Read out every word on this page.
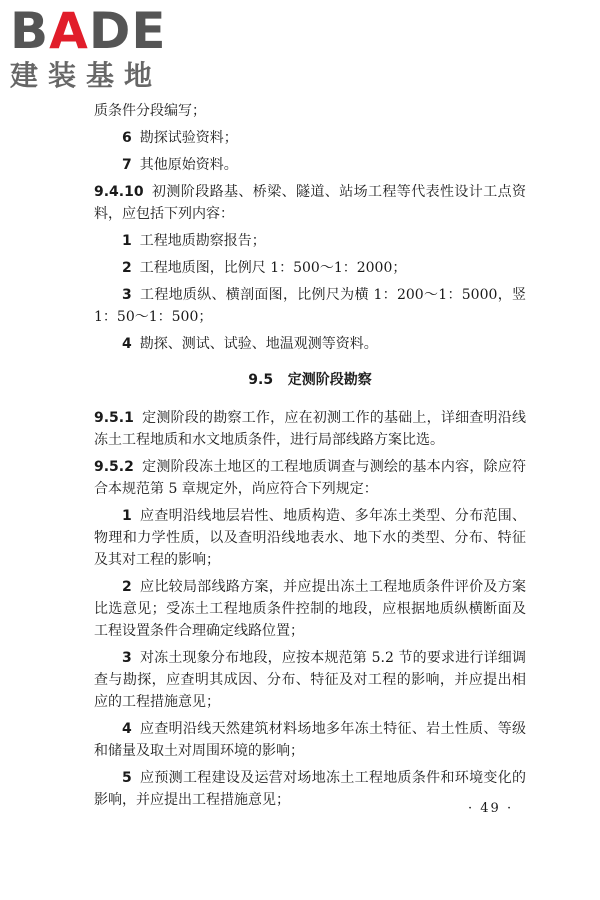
BADE
建装基地

质条件分段编写；

6 勘探试验资料；

7 其他原始资料。

9.4.10 初测阶段路基、桥梁、隧道、站场工程等代表性设计工点资料，应包括下列内容：

1 工程地质勘察报告；

2 工程地质图，比例尺 1：500～1：2000；

3 工程地质纵、横剖面图，比例尺为横 1：200～1：5000，竖 1：50～1：500；

4 勘探、测试、试验、地温观测等资料。

9.5 定测阶段勘察

9.5.1 定测阶段的勘察工作，应在初测工作的基础上，详细查明沿线冻土工程地质和水文地质条件，进行局部线路方案比选。

9.5.2 定测阶段冻土地区的工程地质调查与测绘的基本内容，除应符合本规范第 5 章规定外，尚应符合下列规定：

1 应查明沿线地层岩性、地质构造、多年冻土类型、分布范围、物理和力学性质，以及查明沿线地表水、地下水的类型、分布、特征及其对工程的影响；

2 应比较局部线路方案，并应提出冻土工程地质条件评价及方案比选意见；受冻土工程地质条件控制的地段，应根据地质纵横断面及工程设置条件合理确定线路位置；

3 对冻土现象分布地段，应按本规范第 5.2 节的要求进行详细调查与勘探，应查明其成因、分布、特征及对工程的影响，并应提出相应的工程措施意见；

4 应查明沿线天然建筑材料场地多年冻土特征、岩土性质、等级和储量及取土对周围环境的影响；

5 应预测工程建设及运营对场地冻土工程地质条件和环境变化的影响，并应提出工程措施意见；

· 49 ·
